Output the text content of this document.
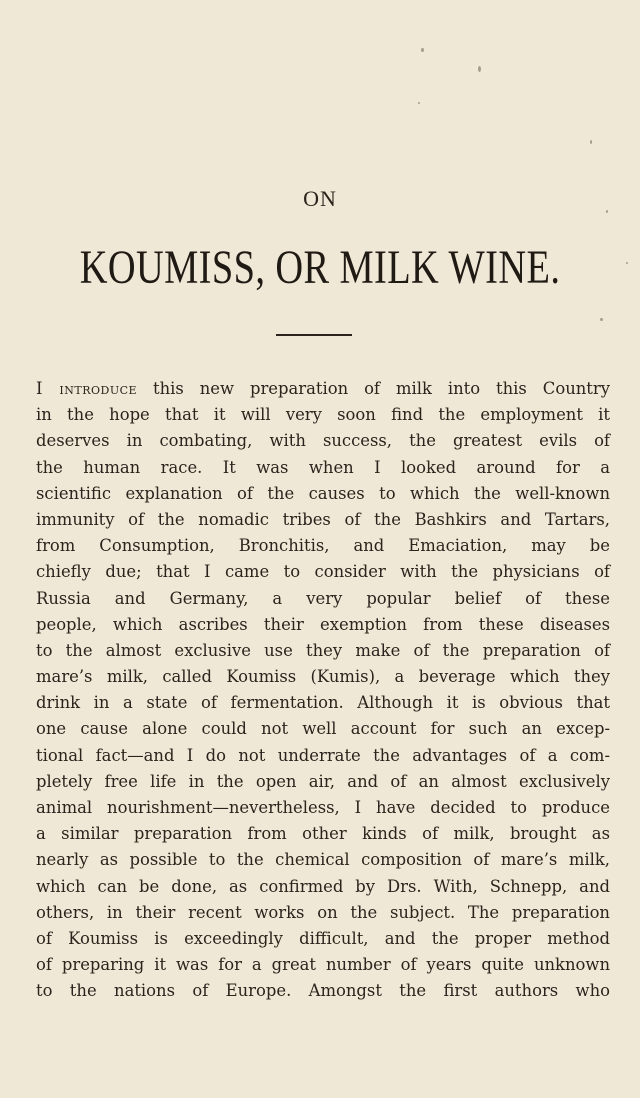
ON
KOUMISS, OR MILK WINE.
I introduce this new preparation of milk into this Country
in the hope that it will very soon find the employment it
deserves in combating, with success, the greatest evils of
the human race. It was when I looked around for a
scientific explanation of the causes to which the well-known
immunity of the nomadic tribes of the Bashkirs and Tartars,
from Consumption, Bronchitis, and Emaciation, may be
chiefly due; that I came to consider with the physicians of
Russia and Germany, a very popular belief of these
people, which ascribes their exemption from these diseases
to the almost exclusive use they make of the preparation of
mare’s milk, called Koumiss (Kumis), a beverage which they
drink in a state of fermentation. Although it is obvious that
one cause alone could not well account for such an excep-
tional fact—and I do not underrate the advantages of a com-
pletely free life in the open air, and of an almost exclusively
animal nourishment—nevertheless, I have decided to produce
a similar preparation from other kinds of milk, brought as
nearly as possible to the chemical composition of mare’s milk,
which can be done, as confirmed by Drs. With, Schnepp, and
others, in their recent works on the subject. The preparation
of Koumiss is exceedingly difficult, and the proper method
of preparing it was for a great number of years quite unknown
to the nations of Europe. Amongst the first authors who
